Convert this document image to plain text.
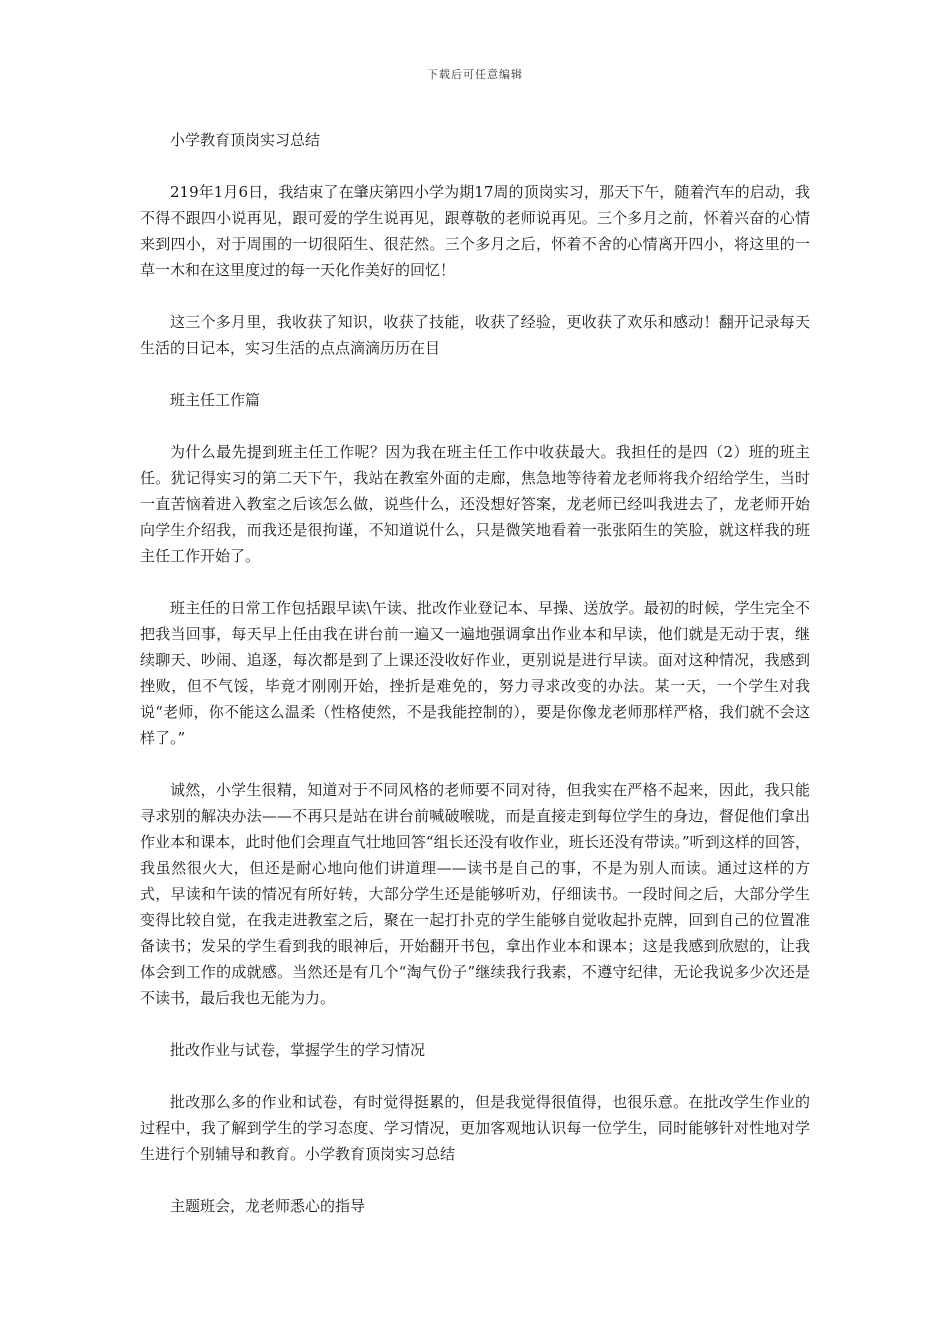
下载后可任意编辑

小学教育顶岗实习总结

219年1月6日，我结束了在肇庆第四小学为期17周的顶岗实习，那天下午，随着汽车的启动，我不得不跟四小说再见，跟可爱的学生说再见，跟尊敬的老师说再见。三个多月之前，怀着兴奋的心情来到四小，对于周围的一切很陌生、很茫然。三个多月之后，怀着不舍的心情离开四小，将这里的一草一木和在这里度过的每一天化作美好的回忆！

这三个多月里，我收获了知识，收获了技能，收获了经验，更收获了欢乐和感动！翻开记录每天生活的日记本，实习生活的点点滴滴历历在目

班主任工作篇

为什么最先提到班主任工作呢？因为我在班主任工作中收获最大。我担任的是四（2）班的班主任。犹记得实习的第二天下午，我站在教室外面的走廊，焦急地等待着龙老师将我介绍给学生，当时一直苦恼着进入教室之后该怎么做，说些什么，还没想好答案，龙老师已经叫我进去了，龙老师开始向学生介绍我，而我还是很拘谨，不知道说什么，只是微笑地看着一张张陌生的笑脸，就这样我的班主任工作开始了。

班主任的日常工作包括跟早读\午读、批改作业登记本、早操、送放学。最初的时候，学生完全不把我当回事，每天早上任由我在讲台前一遍又一遍地强调拿出作业本和早读，他们就是无动于衷，继续聊天、吵闹、追逐，每次都是到了上课还没收好作业，更别说是进行早读。面对这种情况，我感到挫败，但不气馁，毕竟才刚刚开始，挫折是难免的，努力寻求改变的办法。某一天，一个学生对我说“老师，你不能这么温柔（性格使然，不是我能控制的），要是你像龙老师那样严格，我们就不会这样了。”

诚然，小学生很精，知道对于不同风格的老师要不同对待，但我实在严格不起来，因此，我只能寻求别的解决办法——不再只是站在讲台前喊破喉咙，而是直接走到每位学生的身边，督促他们拿出作业本和课本，此时他们会理直气壮地回答“组长还没有收作业，班长还没有带读。”听到这样的回答，我虽然很火大，但还是耐心地向他们讲道理——读书是自己的事，不是为别人而读。通过这样的方式，早读和午读的情况有所好转，大部分学生还是能够听劝，仔细读书。一段时间之后，大部分学生变得比较自觉，在我走进教室之后，聚在一起打扑克的学生能够自觉收起扑克牌，回到自己的位置准备读书；发呆的学生看到我的眼神后，开始翻开书包，拿出作业本和课本；这是我感到欣慰的，让我体会到工作的成就感。当然还是有几个“淘气份子”继续我行我素，不遵守纪律，无论我说多少次还是不读书，最后我也无能为力。

批改作业与试卷，掌握学生的学习情况

批改那么多的作业和试卷，有时觉得挺累的，但是我觉得很值得，也很乐意。在批改学生作业的过程中，我了解到学生的学习态度、学习情况，更加客观地认识每一位学生，同时能够针对性地对学生进行个别辅导和教育。小学教育顶岗实习总结

主题班会，龙老师悉心的指导
